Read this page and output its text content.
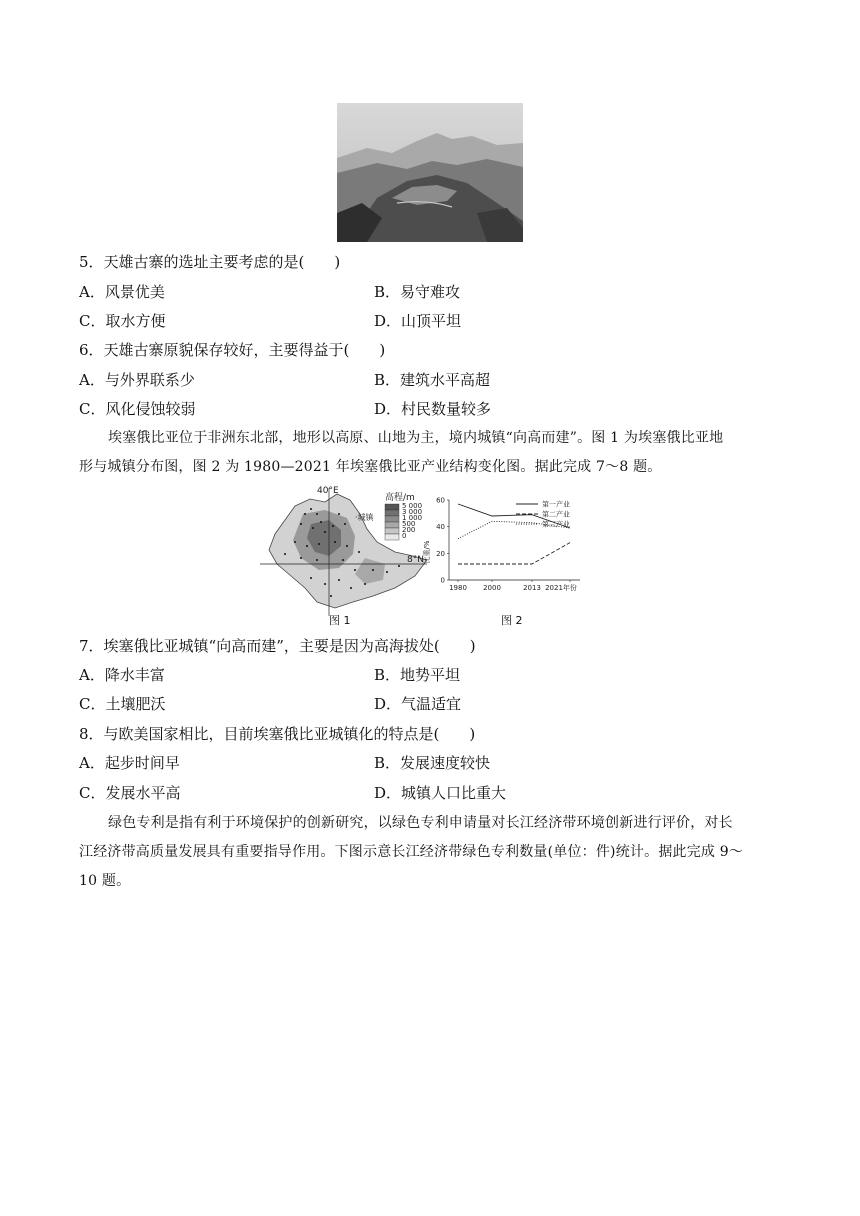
5．天雄古寨的选址主要考虑的是(　　)
A．风景优美	B．易守难攻
C．取水方便	D．山顶平坦
6．天雄古寨原貌保存较好，主要得益于(　　)
A．与外界联系少	B．建筑水平高超
C．风化侵蚀较弱	D．村民数量较多
埃塞俄比亚位于非洲东北部，地形以高原、山地为主，境内城镇“向高而建”。图 1 为埃塞俄比亚地
形与城镇分布图，图 2 为 1980—2021 年埃塞俄比亚产业结构变化图。据此完成 7～8 题。
40°E
8°N
·城镇
高程/m
5 000
3 000
1 000
500
200
0
图 1
比重/%
60
40
20
0
1980 2000	2013 2021年份
第一产业
第二产业
第三产业
图 2
7．埃塞俄比亚城镇“向高而建”，主要是因为高海拔处(　　)
A．降水丰富	B．地势平坦
C．土壤肥沃	D．气温适宜
8．与欧美国家相比，目前埃塞俄比亚城镇化的特点是(　　)
A．起步时间早	B．发展速度较快
C．发展水平高	D．城镇人口比重大
绿色专利是指有利于环境保护的创新研究，以绿色专利申请量对长江经济带环境创新进行评价，对长
江经济带高质量发展具有重要指导作用。下图示意长江经济带绿色专利数量(单位：件)统计。据此完成 9～
10 题。
